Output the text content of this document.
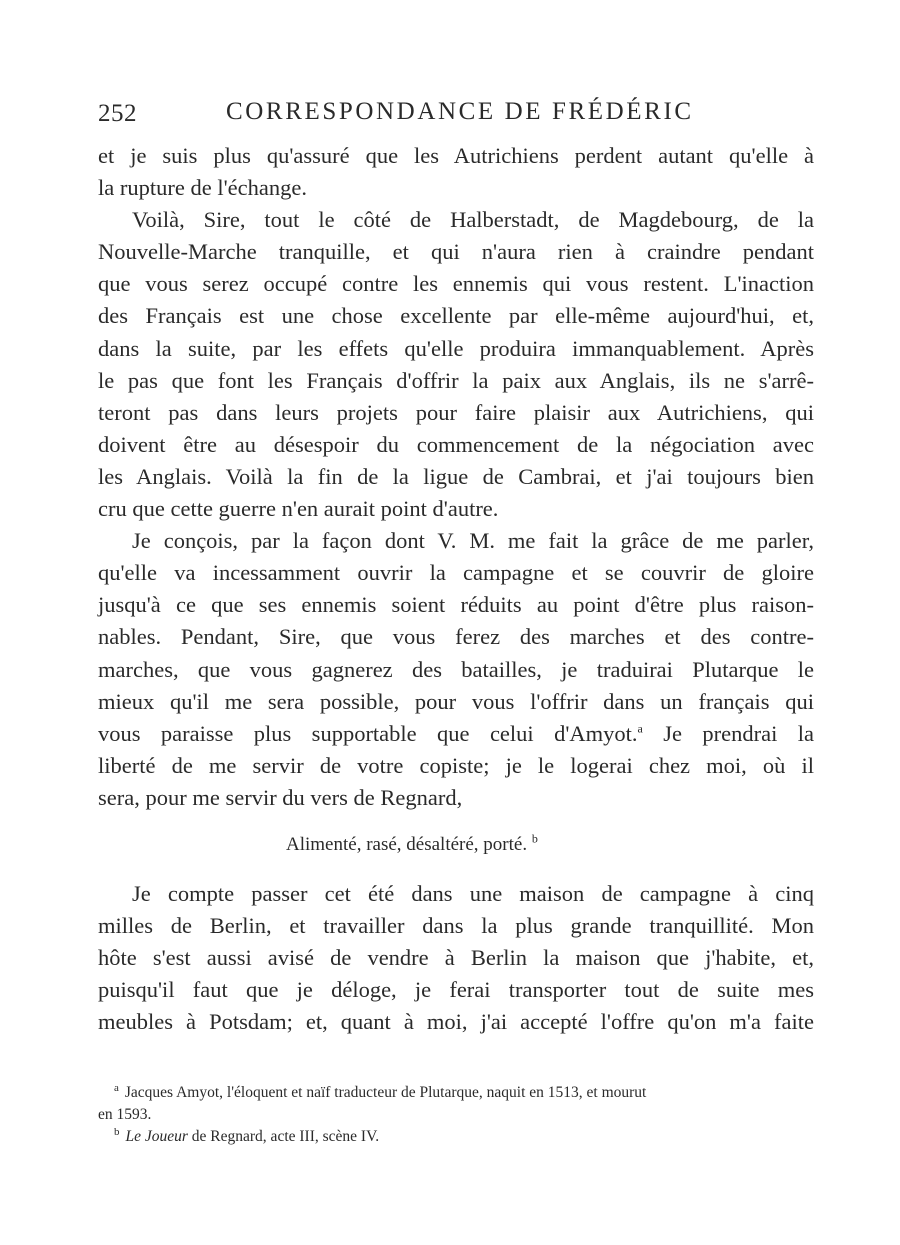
252	CORRESPONDANCE DE FRÉDÉRIC

et je suis plus qu'assuré que les Autrichiens perdent autant qu'elle à

la rupture de l'échange.

Voilà, Sire, tout le côté de Halberstadt, de Magdebourg, de la

Nouvelle-Marche tranquille, et qui n'aura rien à craindre pendant

que vous serez occupé contre les ennemis qui vous restent. L'inaction

des Français est une chose excellente par elle-même aujourd'hui, et,

dans la suite, par les effets qu'elle produira immanquablement. Après

le pas que font les Français d'offrir la paix aux Anglais, ils ne s'arrê-

teront pas dans leurs projets pour faire plaisir aux Autrichiens, qui

doivent être au désespoir du commencement de la négociation avec

les Anglais. Voilà la fin de la ligue de Cambrai, et j'ai toujours bien

cru que cette guerre n'en aurait point d'autre.

Je conçois, par la façon dont V. M. me fait la grâce de me parler,

qu'elle va incessamment ouvrir la campagne et se couvrir de gloire

jusqu'à ce que ses ennemis soient réduits au point d'être plus raison-

nables. Pendant, Sire, que vous ferez des marches et des contre-

marches, que vous gagnerez des batailles, je traduirai Plutarque le

mieux qu'il me sera possible, pour vous l'offrir dans un français qui

vous paraisse plus supportable que celui d'Amyot.$^a$ Je prendrai la

liberté de me servir de votre copiste; je le logerai chez moi, où il

sera, pour me servir du vers de Regnard,

Alimenté, rasé, désaltéré, porté. $^b$

Je compte passer cet été dans une maison de campagne à cinq

milles de Berlin, et travailler dans la plus grande tranquillité. Mon

hôte s'est aussi avisé de vendre à Berlin la maison que j'habite, et,

puisqu'il faut que je déloge, je ferai transporter tout de suite mes

meubles à Potsdam; et, quant à moi, j'ai accepté l'offre qu'on m'a faite

$^a$ Jacques Amyot, l'éloquent et naïf traducteur de Plutarque, naquit en 1513, et mourut

en 1593.

$^b$ Le Joueur de Regnard, acte III, scène IV.
